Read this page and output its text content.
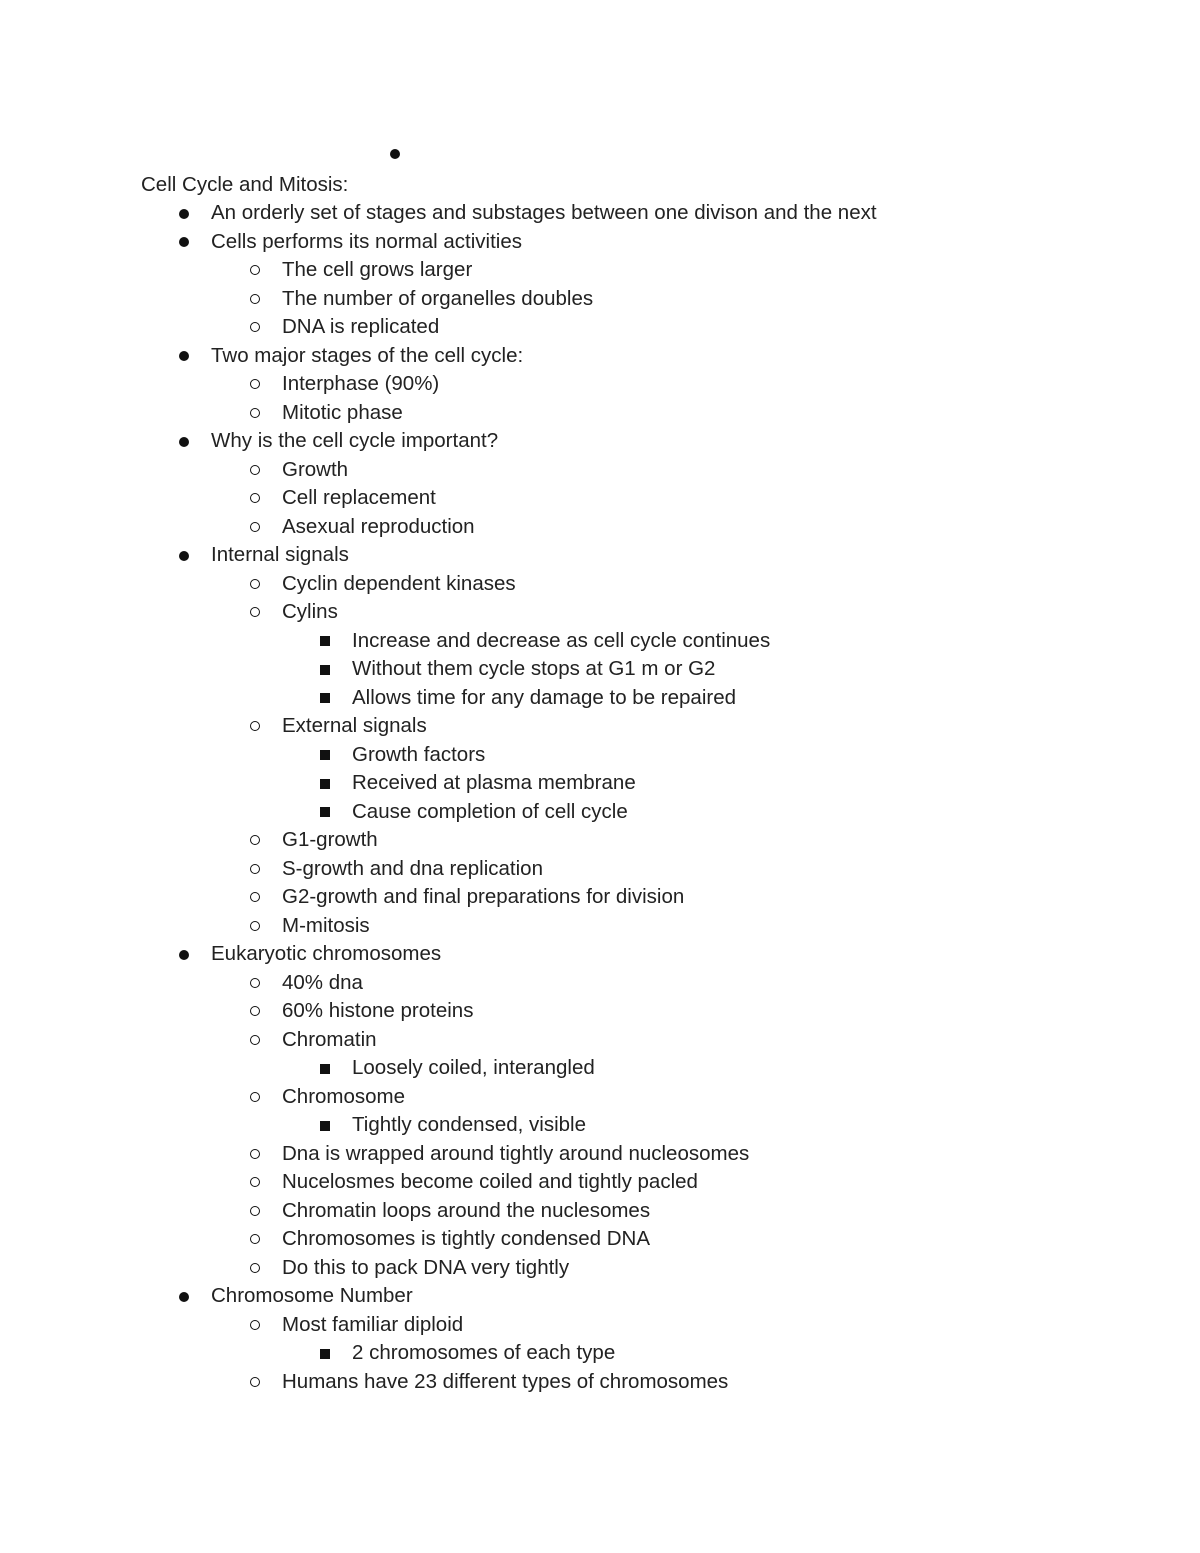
Cell Cycle and Mitosis:
An orderly set of stages and substages between one divison and the next
Cells performs its normal activities
The cell grows larger
The number of organelles doubles
DNA is replicated
Two major stages of the cell cycle:
Interphase (90%)
Mitotic phase
Why is the cell cycle important?
Growth
Cell replacement
Asexual reproduction
Internal signals
Cyclin dependent kinases
Cylins
Increase and decrease as cell cycle continues
Without them cycle stops at G1 m or G2
Allows time for any damage to be repaired
External signals
Growth factors
Received at plasma membrane
Cause completion of cell cycle
G1-growth
S-growth and dna replication
G2-growth and final preparations for division
M-mitosis
Eukaryotic chromosomes
40% dna
60% histone proteins
Chromatin
Loosely coiled, interangled
Chromosome
Tightly condensed, visible
Dna is wrapped around tightly around nucleosomes
Nucelosmes become coiled and tightly pacled
Chromatin loops around the nuclesomes
Chromosomes is tightly condensed DNA
Do this to pack DNA very tightly
Chromosome Number
Most familiar diploid
2 chromosomes of each type
Humans have 23 different types of chromosomes
